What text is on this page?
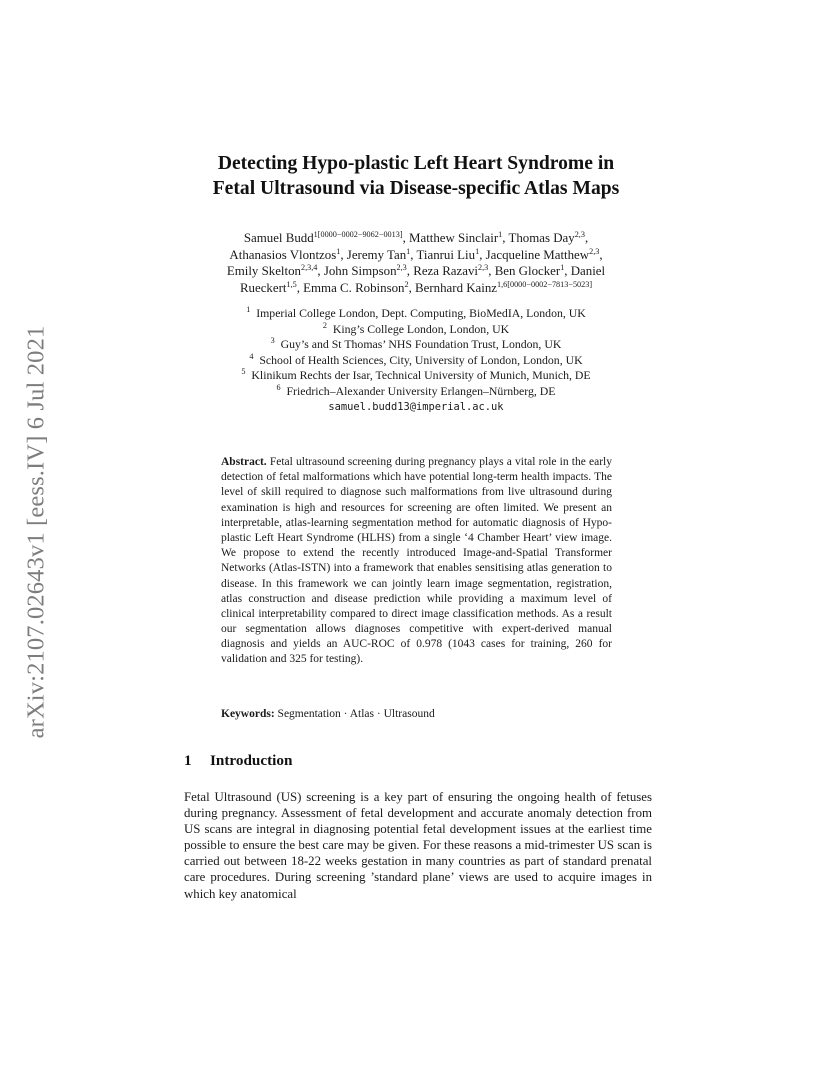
arXiv:2107.02643v1 [eess.IV] 6 Jul 2021
Detecting Hypo-plastic Left Heart Syndrome in
Fetal Ultrasound via Disease-specific Atlas Maps
Samuel Budd$^{1[0000-0002-9062-0013]}$, Matthew Sinclair$^1$, Thomas Day$^{2,3}$,
Athanasios Vlontzos$^1$, Jeremy Tan$^1$, Tianrui Liu$^1$, Jacqueline Matthew$^{2,3}$,
Emily Skelton$^{2,3,4}$, John Simpson$^{2,3}$, Reza Razavi$^{2,3}$, Ben Glocker$^1$, Daniel
Rueckert$^{1,5}$, Emma C. Robinson$^2$, Bernhard Kainz$^{1,6[0000-0002-7813-5023]}$
$^1$ Imperial College London, Dept. Computing, BioMedIA, London, UK
$^2$ King’s College London, London, UK
$^3$ Guy’s and St Thomas’ NHS Foundation Trust, London, UK
$^4$ School of Health Sciences, City, University of London, London, UK
$^5$ Klinikum Rechts der Isar, Technical University of Munich, Munich, DE
$^6$ Friedrich–Alexander University Erlangen–Nürnberg, DE
samuel.budd13@imperial.ac.uk
Abstract. Fetal ultrasound screening during pregnancy plays a vital role in the early detection of fetal malformations which have potential long-term health impacts. The level of skill required to diagnose such malformations from live ultrasound during examination is high and resources for screening are often limited. We present an interpretable, atlas-learning segmentation method for automatic diagnosis of Hypo-plastic Left Heart Syndrome (HLHS) from a single ‘4 Chamber Heart’ view image. We propose to extend the recently introduced Image-and-Spatial Transformer Networks (Atlas-ISTN) into a framework that enables sensitising atlas generation to disease. In this framework we can jointly learn image segmentation, registration, atlas construction and disease prediction while providing a maximum level of clinical interpretability compared to direct image classification methods. As a result our segmentation allows diagnoses competitive with expert-derived manual diagnosis and yields an AUC-ROC of 0.978 (1043 cases for training, 260 for validation and 325 for testing).
Keywords: Segmentation · Atlas · Ultrasound
1 Introduction
Fetal Ultrasound (US) screening is a key part of ensuring the ongoing health of fetuses during pregnancy. Assessment of fetal development and accurate anomaly detection from US scans are integral in diagnosing potential fetal development issues at the earliest time possible to ensure the best care may be given. For these reasons a mid-trimester US scan is carried out between 18-22 weeks gestation in many countries as part of standard prenatal care procedures. During screening ’standard plane’ views are used to acquire images in which key anatomical
